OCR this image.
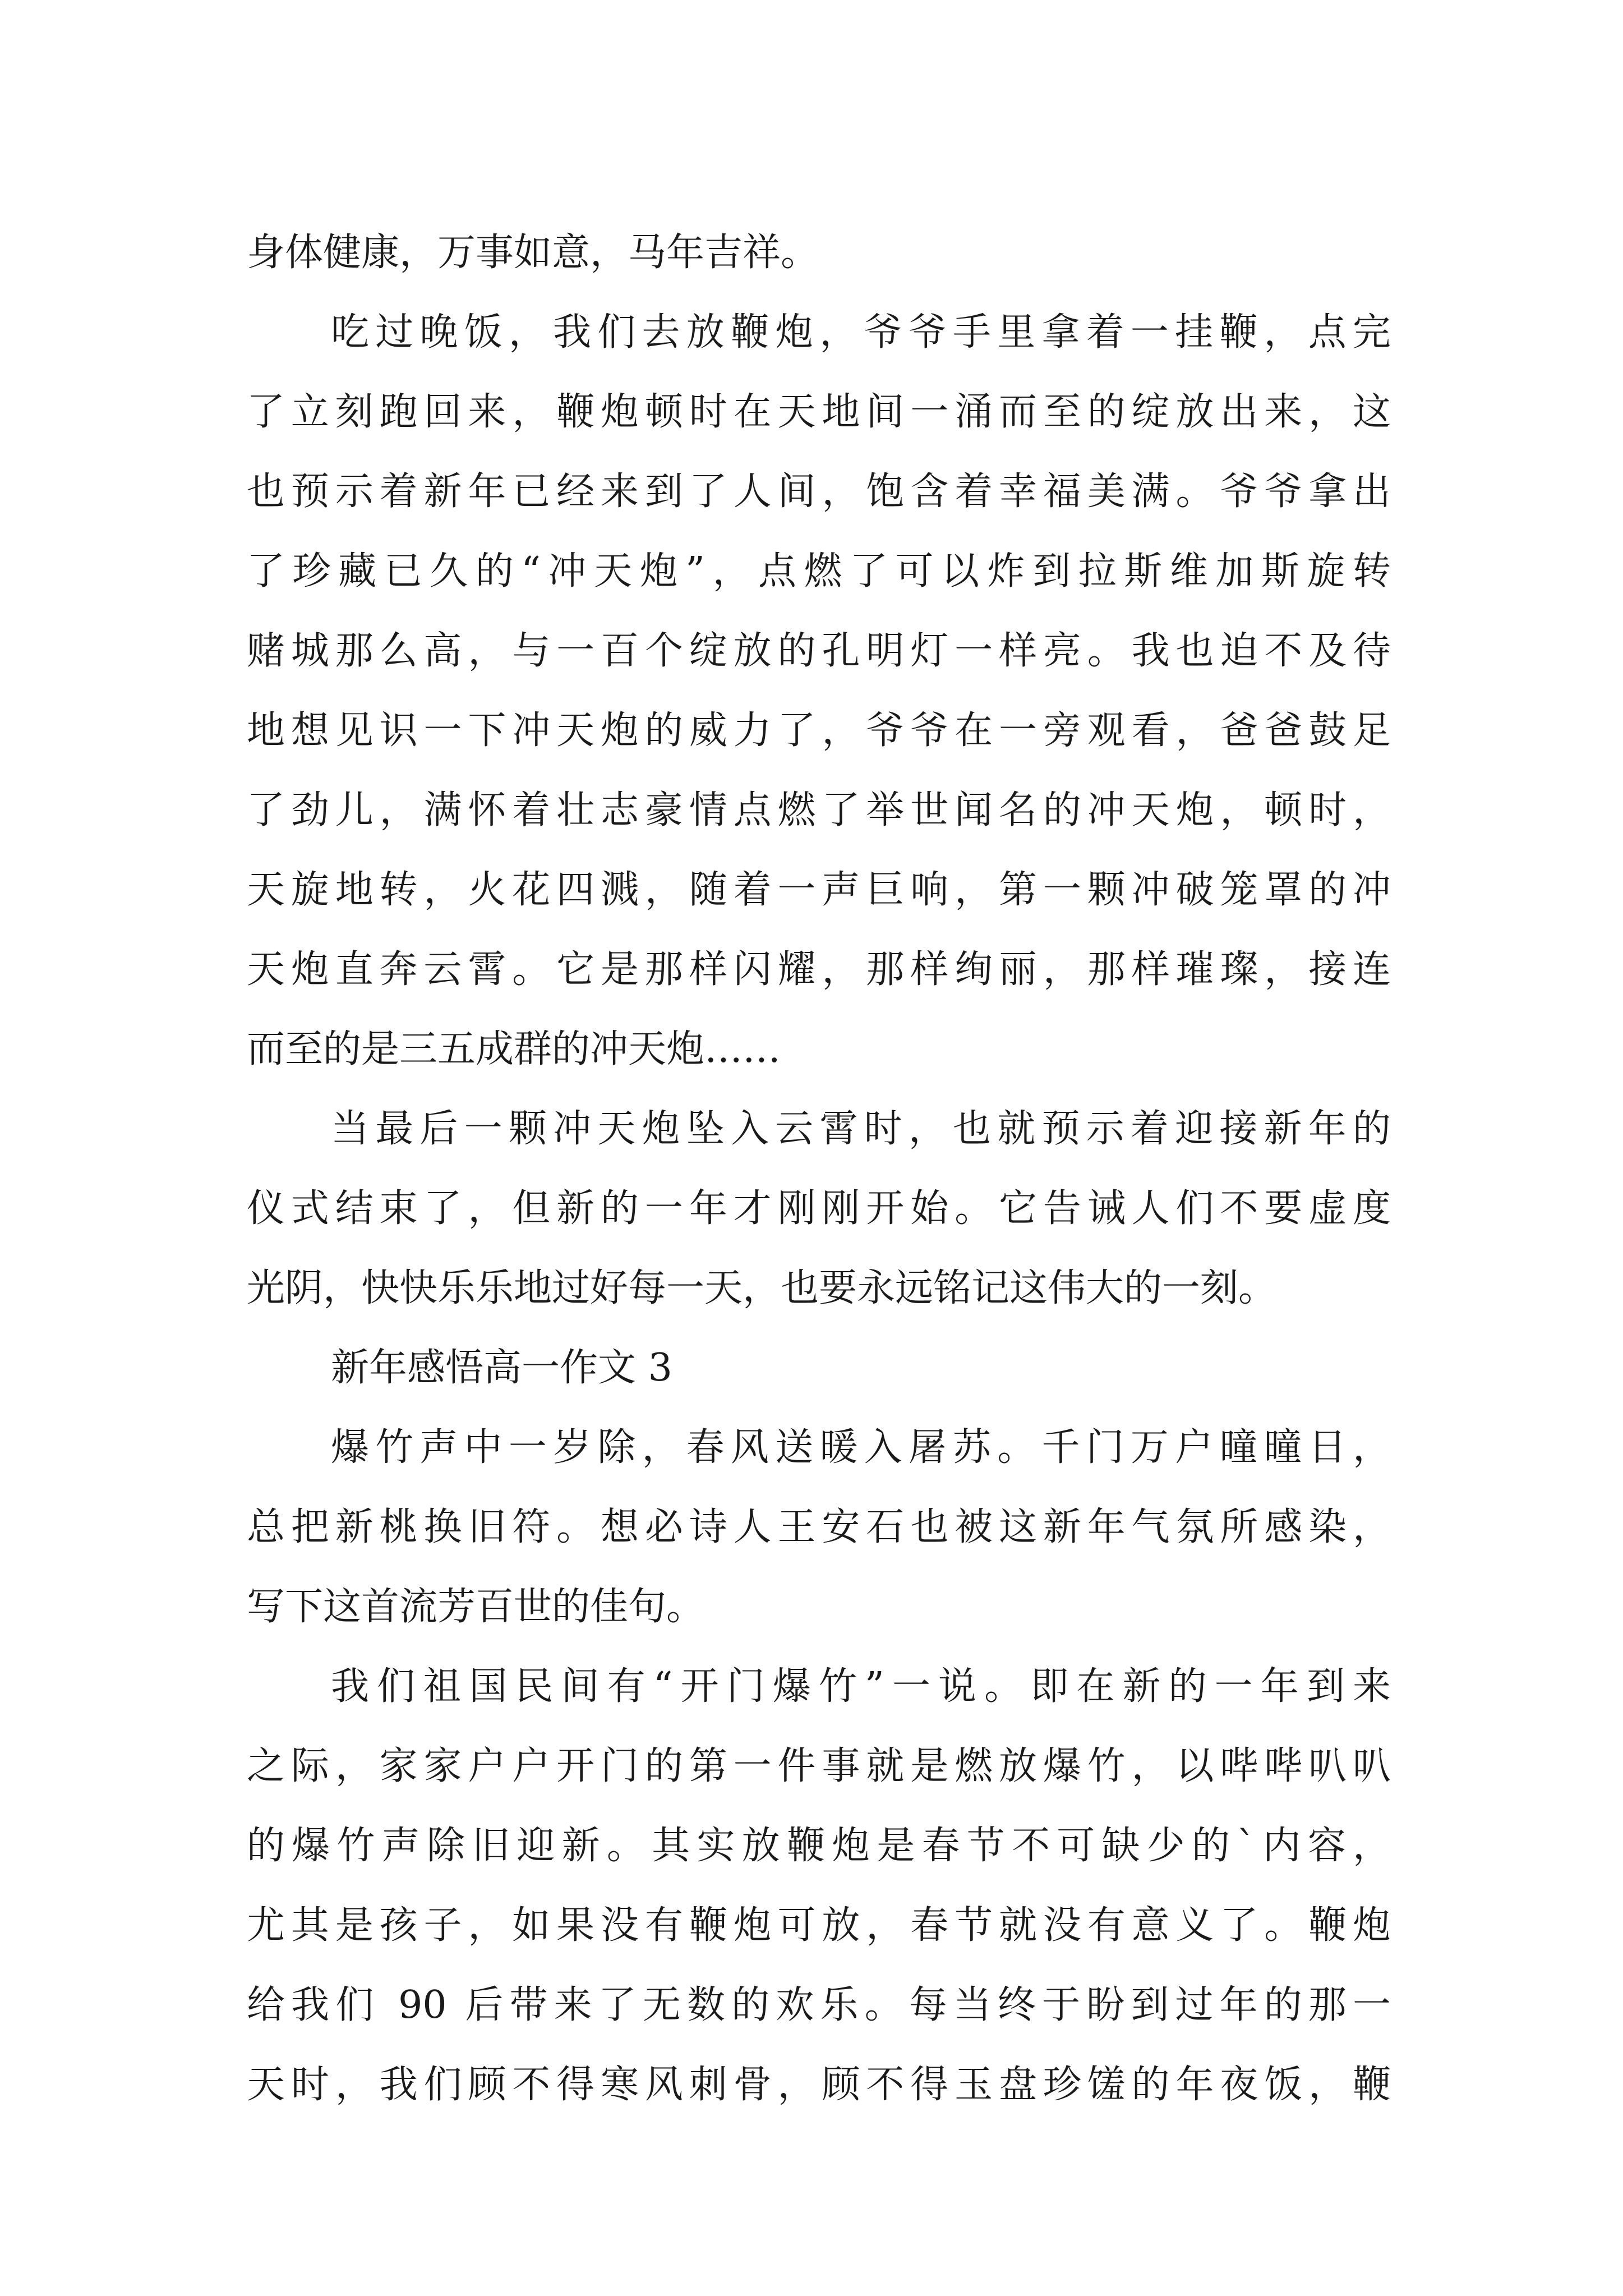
身体健康，万事如意，马年吉祥。
吃过晚饭，我们去放鞭炮，爷爷手里拿着一挂鞭，点完
了立刻跑回来，鞭炮顿时在天地间一涌而至的绽放出来，这
也预示着新年已经来到了人间，饱含着幸福美满。爷爷拿出
了珍藏已久的“冲天炮”，点燃了可以炸到拉斯维加斯旋转
赌城那么高，与一百个绽放的孔明灯一样亮。我也迫不及待
地想见识一下冲天炮的威力了，爷爷在一旁观看，爸爸鼓足
了劲儿，满怀着壮志豪情点燃了举世闻名的冲天炮，顿时，
天旋地转，火花四溅，随着一声巨响，第一颗冲破笼罩的冲
天炮直奔云霄。它是那样闪耀，那样绚丽，那样璀璨，接连
而至的是三五成群的冲天炮……
当最后一颗冲天炮坠入云霄时，也就预示着迎接新年的
仪式结束了，但新的一年才刚刚开始。它告诫人们不要虚度
光阴，快快乐乐地过好每一天，也要永远铭记这伟大的一刻。
新年感悟高一作文 3
爆竹声中一岁除，春风送暖入屠苏。千门万户曈曈日，
总把新桃换旧符。想必诗人王安石也被这新年气氛所感染，
写下这首流芳百世的佳句。
我们祖国民间有“开门爆竹”一说。即在新的一年到来
之际，家家户户开门的第一件事就是燃放爆竹，以哔哔叭叭
的爆竹声除旧迎新。其实放鞭炮是春节不可缺少的`内容，
尤其是孩子，如果没有鞭炮可放，春节就没有意义了。鞭炮
给我们 90 后带来了无数的欢乐。每当终于盼到过年的那一
天时，我们顾不得寒风刺骨，顾不得玉盘珍馐的年夜饭，鞭
